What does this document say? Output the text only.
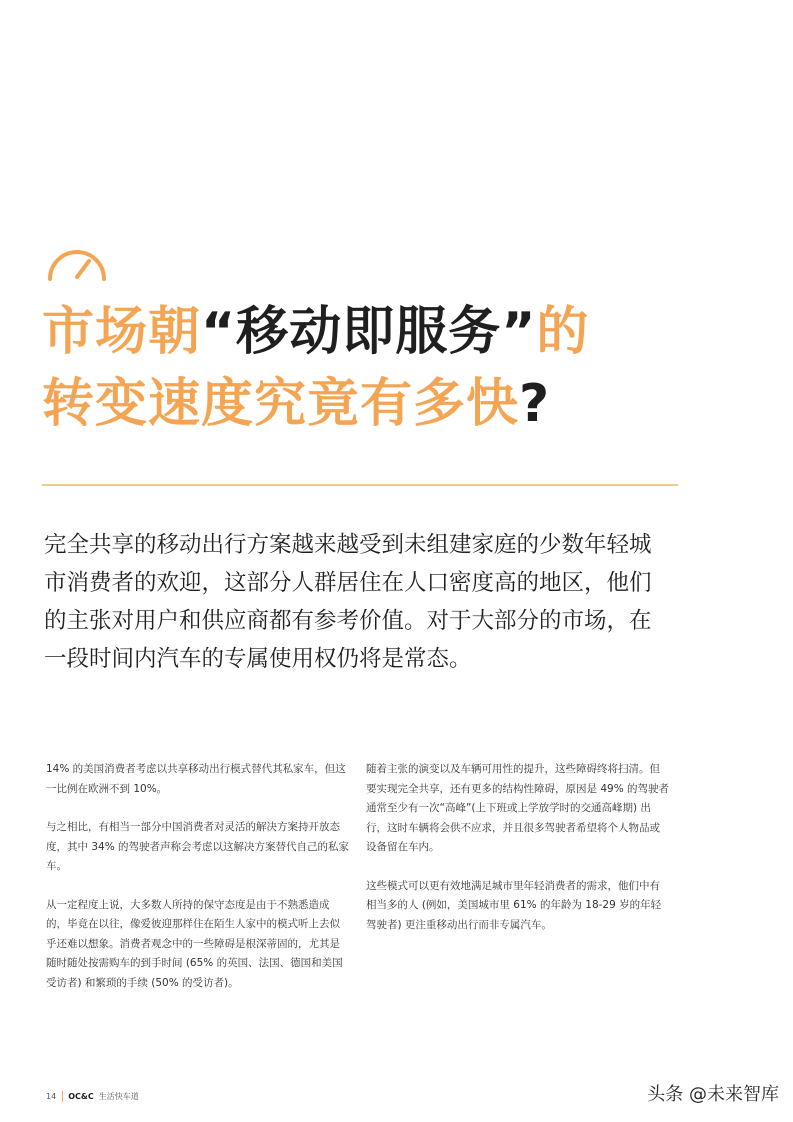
市场朝“移动即服务”的
转变速度究竟有多快?

完全共享的移动出行方案越来越受到未组建家庭的少数年轻城市消费者的欢迎，这部分人群居住在人口密度高的地区，他们的主张对用户和供应商都有参考价值。对于大部分的市场，在一段时间内汽车的专属使用权仍将是常态。

14% 的美国消费者考虑以共享移动出行模式替代其私家车，但这一比例在欧洲不到 10%。

与之相比，有相当一部分中国消费者对灵活的解决方案持开放态度，其中 34% 的驾驶者声称会考虑以这解决方案替代自己的私家车。

从一定程度上说，大多数人所持的保守态度是由于不熟悉造成的，毕竟在以往，像爱彼迎那样住在陌生人家中的模式听上去似乎还难以想象。消费者观念中的一些障碍是根深蒂固的，尤其是随时随处按需购车的到手时间 (65% 的英国、法国、德国和美国受访者) 和繁琐的手续 (50% 的受访者)。

随着主张的演变以及车辆可用性的提升，这些障碍终将扫清。但要实现完全共享，还有更多的结构性障碍，原因是 49% 的驾驶者通常至少有一次“高峰”(上下班或上学放学时的交通高峰期) 出行，这时车辆将会供不应求，并且很多驾驶者希望将个人物品或设备留在车内。

这些模式可以更有效地满足城市里年轻消费者的需求，他们中有相当多的人 (例如，美国城市里 61% 的年龄为 18-29 岁的年轻驾驶者) 更注重移动出行而非专属汽车。

14 OC&C 生活快车道	头条 @未来智库
